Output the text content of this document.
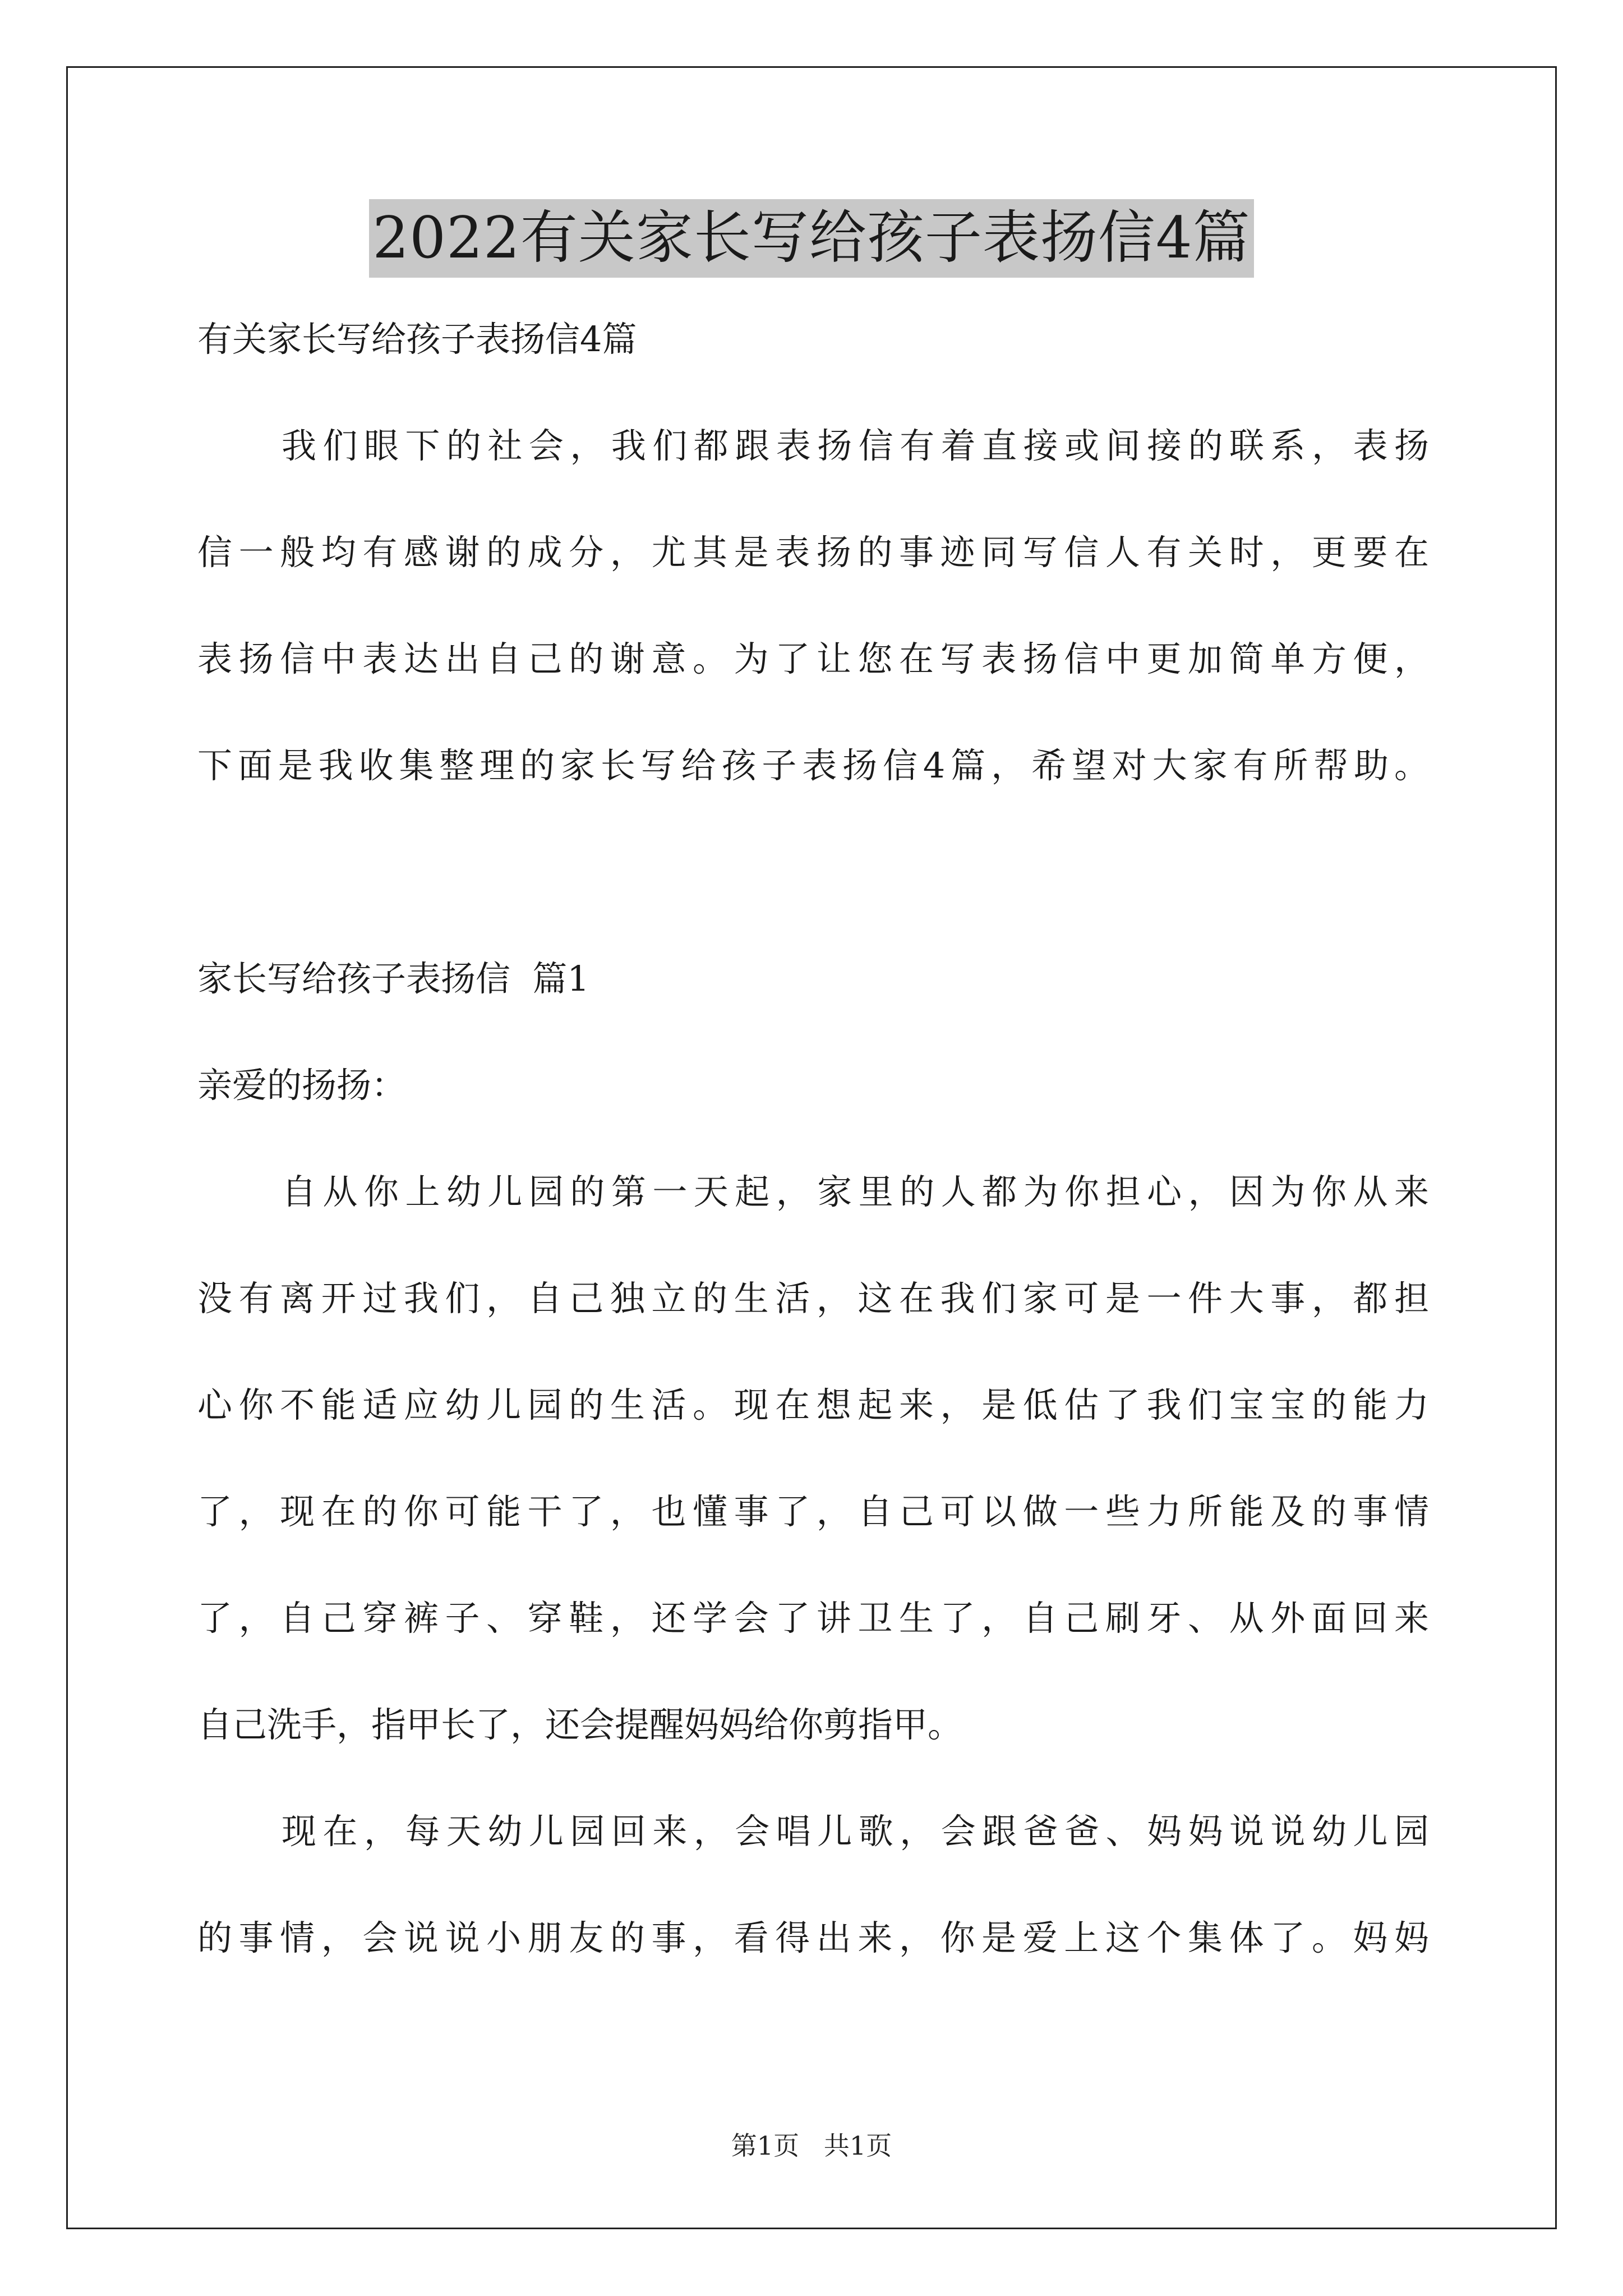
2022有关家长写给孩子表扬信4篇
有关家长写给孩子表扬信4篇
我们眼下的社会，我们都跟表扬信有着直接或间接的联系，表扬
信一般均有感谢的成分，尤其是表扬的事迹同写信人有关时，更要在
表扬信中表达出自己的谢意。为了让您在写表扬信中更加简单方便，
下面是我收集整理的家长写给孩子表扬信4篇，希望对大家有所帮助。
家长写给孩子表扬信  篇1
亲爱的扬扬：
自从你上幼儿园的第一天起，家里的人都为你担心，因为你从来
没有离开过我们，自己独立的生活，这在我们家可是一件大事，都担
心你不能适应幼儿园的生活。现在想起来，是低估了我们宝宝的能力
了，现在的你可能干了，也懂事了，自己可以做一些力所能及的事情
了，自己穿裤子、穿鞋，还学会了讲卫生了，自己刷牙、从外面回来
自己洗手，指甲长了，还会提醒妈妈给你剪指甲。
现在，每天幼儿园回来，会唱儿歌，会跟爸爸、妈妈说说幼儿园
的事情，会说说小朋友的事，看得出来，你是爱上这个集体了。妈妈
第1页   共1页
